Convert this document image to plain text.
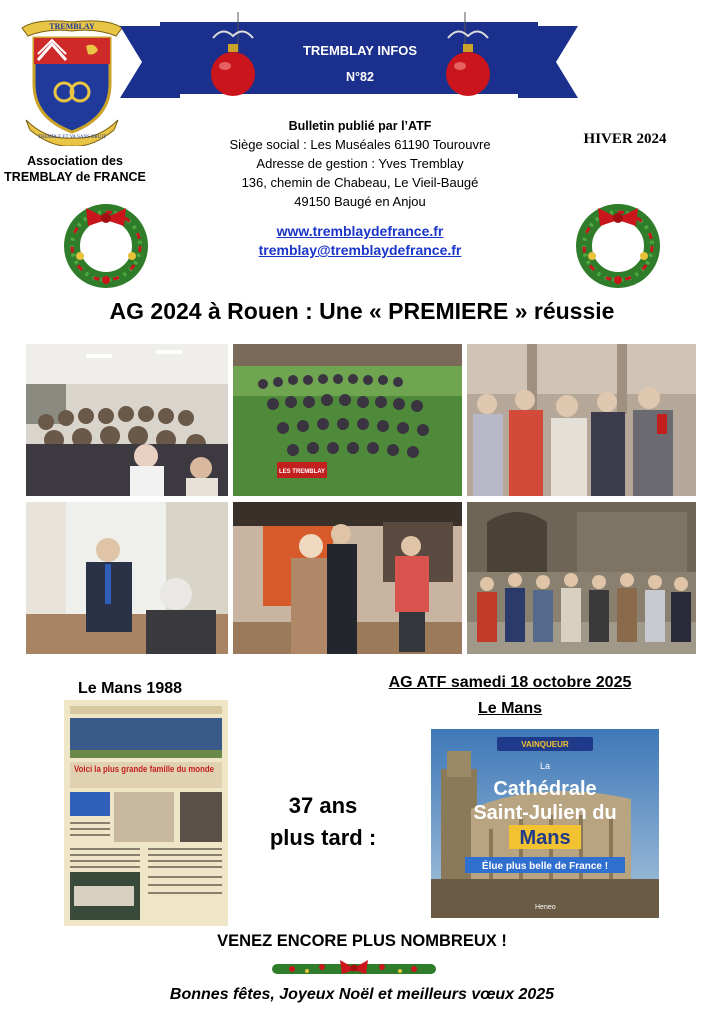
TREMBLAY
TREMBLE ET VA SANS BRUIT
Association des
TREMBLAY de FRANCE
TREMBLAY INFOS
N°82
Bulletin publié par l’ATF
Siège social : Les Muséales 61190 Tourouvre
Adresse de gestion : Yves Tremblay
136, chemin de Chabeau, Le Vieil-Baugé
49150 Baugé en Anjou
www.tremblaydefrance.fr
tremblay@tremblaydefrance.fr
HIVER 2024
AG 2024 à Rouen : Une « PREMIERE » réussie
LES TREMBLAY
Le Mans 1988
Voici la plus grande famille du monde
37 ans
plus tard :
AG ATF samedi 18 octobre 2025
Le Mans
VAINQUEUR
La
Cathédrale
Saint-Julien du
Mans
Élue plus belle de France !
Heneo
VENEZ ENCORE PLUS NOMBREUX !
Bonnes fêtes, Joyeux Noël et meilleurs vœux 2025
